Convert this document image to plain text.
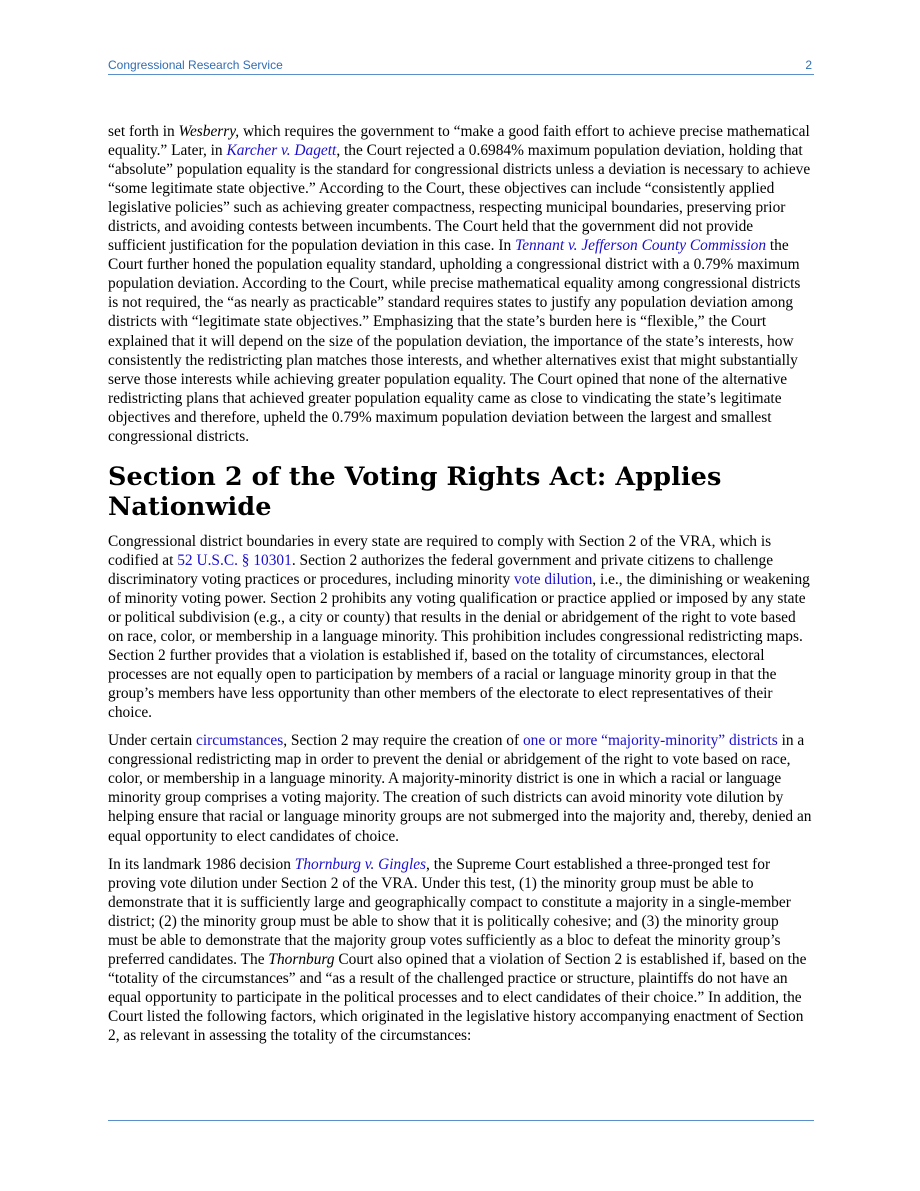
Congressional Research Service	2

set forth in Wesberry, which requires the government to “make a good faith effort to achieve precise mathematical equality.” Later, in Karcher v. Dagett, the Court rejected a 0.6984% maximum population deviation, holding that “absolute” population equality is the standard for congressional districts unless a deviation is necessary to achieve “some legitimate state objective.” According to the Court, these objectives can include “consistently applied legislative policies” such as achieving greater compactness, respecting municipal boundaries, preserving prior districts, and avoiding contests between incumbents. The Court held that the government did not provide sufficient justification for the population deviation in this case. In Tennant v. Jefferson County Commission the Court further honed the population equality standard, upholding a congressional district with a 0.79% maximum population deviation. According to the Court, while precise mathematical equality among congressional districts is not required, the “as nearly as practicable” standard requires states to justify any population deviation among districts with “legitimate state objectives.” Emphasizing that the state’s burden here is “flexible,” the Court explained that it will depend on the size of the population deviation, the importance of the state’s interests, how consistently the redistricting plan matches those interests, and whether alternatives exist that might substantially serve those interests while achieving greater population equality. The Court opined that none of the alternative redistricting plans that achieved greater population equality came as close to vindicating the state’s legitimate objectives and therefore, upheld the 0.79% maximum population deviation between the largest and smallest congressional districts.

Section 2 of the Voting Rights Act: Applies Nationwide

Congressional district boundaries in every state are required to comply with Section 2 of the VRA, which is codified at 52 U.S.C. § 10301. Section 2 authorizes the federal government and private citizens to challenge discriminatory voting practices or procedures, including minority vote dilution, i.e., the diminishing or weakening of minority voting power. Section 2 prohibits any voting qualification or practice applied or imposed by any state or political subdivision (e.g., a city or county) that results in the denial or abridgement of the right to vote based on race, color, or membership in a language minority. This prohibition includes congressional redistricting maps. Section 2 further provides that a violation is established if, based on the totality of circumstances, electoral processes are not equally open to participation by members of a racial or language minority group in that the group’s members have less opportunity than other members of the electorate to elect representatives of their choice.

Under certain circumstances, Section 2 may require the creation of one or more “majority-minority” districts in a congressional redistricting map in order to prevent the denial or abridgement of the right to vote based on race, color, or membership in a language minority. A majority-minority district is one in which a racial or language minority group comprises a voting majority. The creation of such districts can avoid minority vote dilution by helping ensure that racial or language minority groups are not submerged into the majority and, thereby, denied an equal opportunity to elect candidates of choice.

In its landmark 1986 decision Thornburg v. Gingles, the Supreme Court established a three-pronged test for proving vote dilution under Section 2 of the VRA. Under this test, (1) the minority group must be able to demonstrate that it is sufficiently large and geographically compact to constitute a majority in a single-member district; (2) the minority group must be able to show that it is politically cohesive; and (3) the minority group must be able to demonstrate that the majority group votes sufficiently as a bloc to defeat the minority group’s preferred candidates. The Thornburg Court also opined that a violation of Section 2 is established if, based on the “totality of the circumstances” and “as a result of the challenged practice or structure, plaintiffs do not have an equal opportunity to participate in the political processes and to elect candidates of their choice.” In addition, the Court listed the following factors, which originated in the legislative history accompanying enactment of Section 2, as relevant in assessing the totality of the circumstances:
